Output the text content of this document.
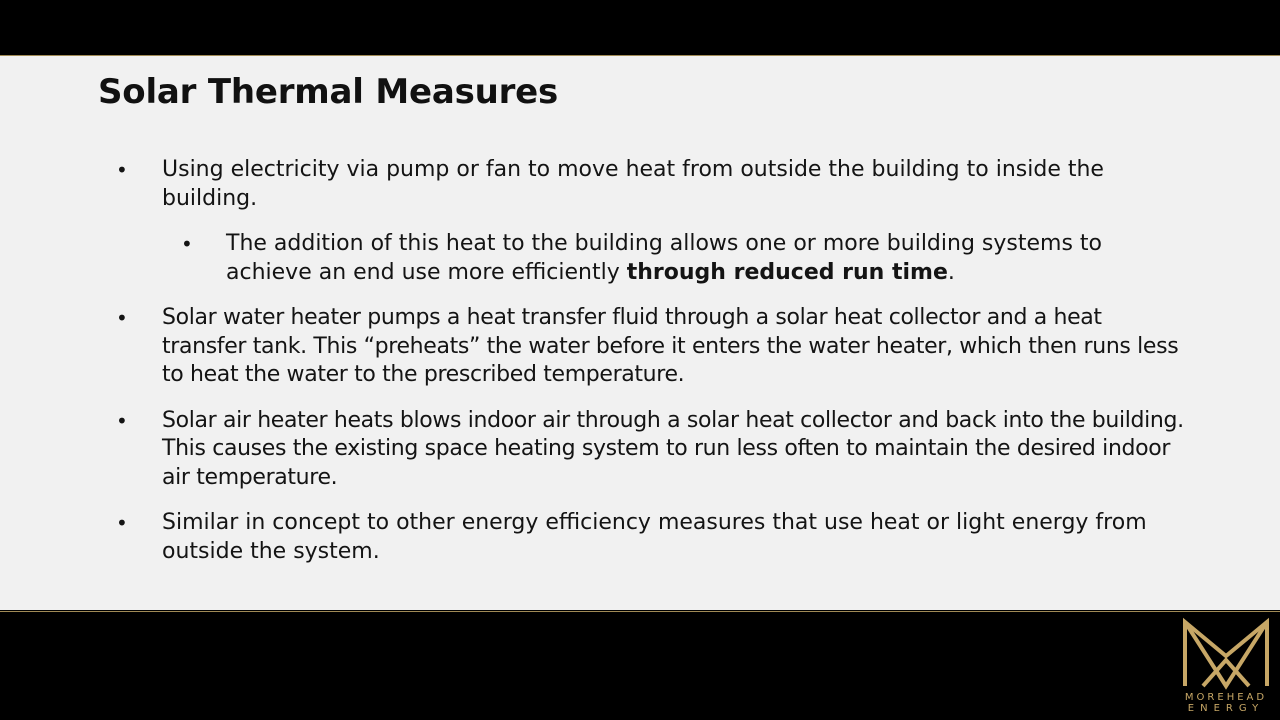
Solar Thermal Measures
• Using electricity via pump or fan to move heat from outside the building to inside the building.
• The addition of this heat to the building allows one or more building systems to achieve an end use more efficiently through reduced run time.
• Solar water heater pumps a heat transfer fluid through a solar heat collector and a heat transfer tank. This “preheats” the water before it enters the water heater, which then runs less to heat the water to the prescribed temperature.
• Solar air heater heats blows indoor air through a solar heat collector and back into the building. This causes the existing space heating system to run less often to maintain the desired indoor air temperature.
• Similar in concept to other energy efficiency measures that use heat or light energy from outside the system.
MOREHEAD
ENERGY
